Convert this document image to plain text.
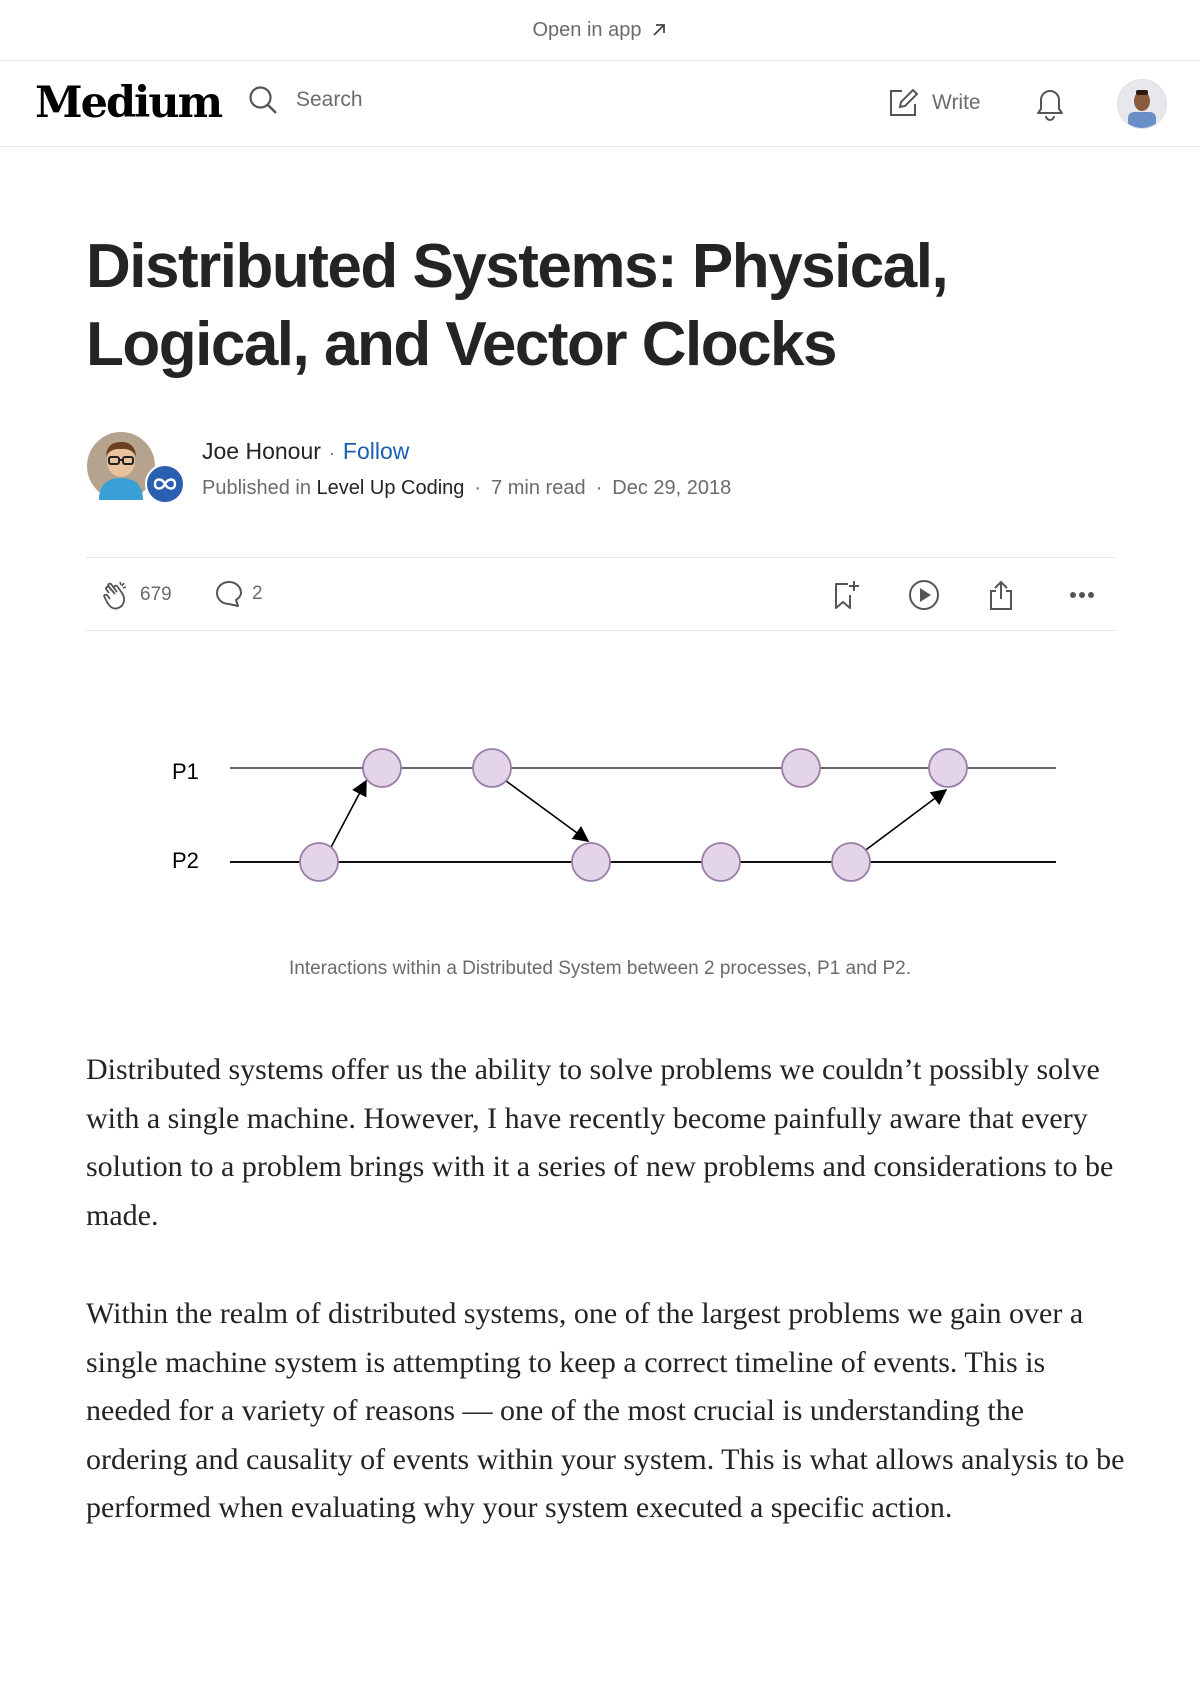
Open in app
Medium	Search	Write
Distributed Systems: Physical, Logical, and Vector Clocks
Joe Honour · Follow
Published in Level Up Coding · 7 min read · Dec 29, 2018
679	2
P1
P2
Interactions within a Distributed System between 2 processes, P1 and P2.

Distributed systems offer us the ability to solve problems we couldn’t possibly solve with a single machine. However, I have recently become painfully aware that every solution to a problem brings with it a series of new problems and considerations to be made.

Within the realm of distributed systems, one of the largest problems we gain over a single machine system is attempting to keep a correct timeline of events. This is needed for a variety of reasons — one of the most crucial is understanding the ordering and causality of events within your system. This is what allows analysis to be performed when evaluating why your system executed a specific action.
